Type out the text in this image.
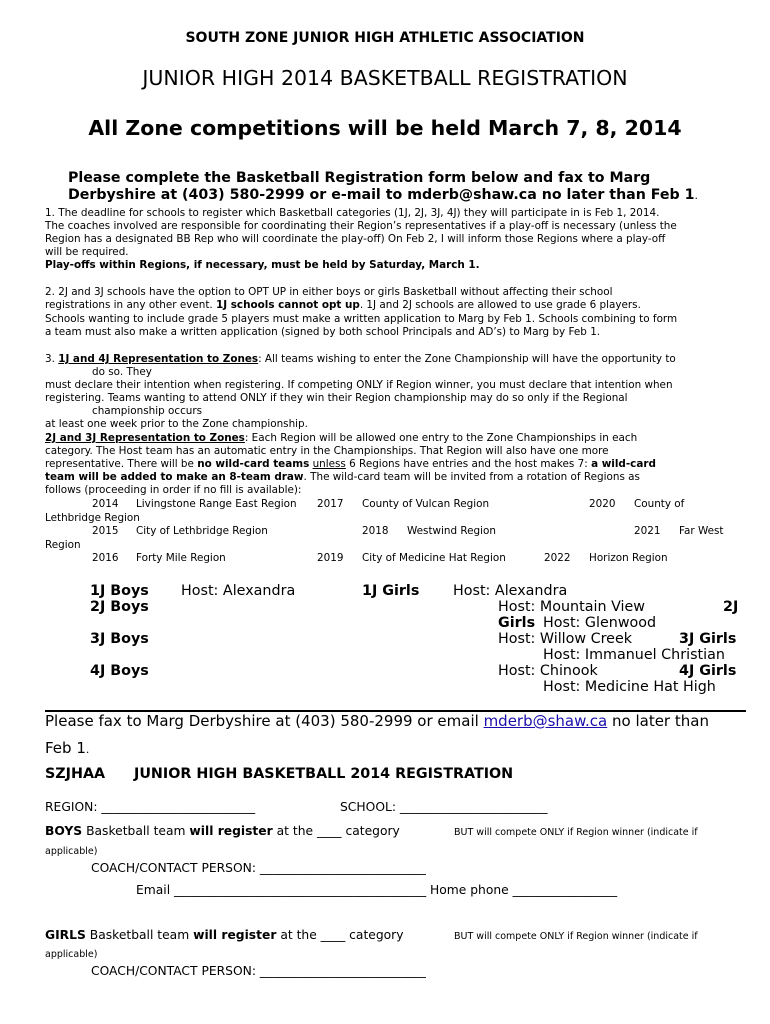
SOUTH ZONE JUNIOR HIGH ATHLETIC ASSOCIATION
JUNIOR HIGH 2014 BASKETBALL REGISTRATION
All Zone competitions will be held March 7, 8, 2014
Please complete the Basketball Registration form below and fax to Marg
Derbyshire at (403) 580-2999 or e-mail to mderb@shaw.ca no later than Feb 1.
1. The deadline for schools to register which Basketball categories (1J, 2J, 3J, 4J) they will participate in is Feb 1, 2014.
The coaches involved are responsible for coordinating their Region’s representatives if a play-off is necessary (unless the
Region has a designated BB Rep who will coordinate the play-off) On Feb 2, I will inform those Regions where a play-off
will be required.
Play-offs within Regions, if necessary, must be held by Saturday, March 1.
2. 2J and 3J schools have the option to OPT UP in either boys or girls Basketball without affecting their school
registrations in any other event. 1J schools cannot opt up. 1J and 2J schools are allowed to use grade 6 players.
Schools wanting to include grade 5 players must make a written application to Marg by Feb 1. Schools combining to form
a team must also make a written application (signed by both school Principals and AD’s) to Marg by Feb 1.
3. 1J and 4J Representation to Zones: All teams wishing to enter the Zone Championship will have the opportunity to
do so. They
must declare their intention when registering. If competing ONLY if Region winner, you must declare that intention when
registering. Teams wanting to attend ONLY if they win their Region championship may do so only if the Regional
championship occurs
at least one week prior to the Zone championship.
2J and 3J Representation to Zones: Each Region will be allowed one entry to the Zone Championships in each
category. The Host team has an automatic entry in the Championships. That Region will also have one more
representative. There will be no wild-card teams unless 6 Regions have entries and the host makes 7: a wild-card
team will be added to make an 8-team draw. The wild-card team will be invited from a rotation of Regions as
follows (proceeding in order if no fill is available):
2014 Livingstone Range East Region 2017 County of Vulcan Region	2020 County of
Lethbridge Region
2015 City of Lethbridge Region	2018 Westwind Region	2021 Far West
Region
2016 Forty Mile Region	2019 City of Medicine Hat Region	2022 Horizon Region
1J Boys Host: Alexandra	1J Girls Host: Alexandra
2J Boys	Host: Mountain View	2J
Girls Host: Glenwood
3J Boys	Host: Willow Creek	3J Girls
Host: Immanuel Christian
4J Boys	Host: Chinook	4J Girls
Host: Medicine Hat High
Please fax to Marg Derbyshire at (403) 580-2999 or email mderb@shaw.ca no later than
Feb 1.
SZJHAA JUNIOR HIGH BASKETBALL 2014 REGISTRATION
REGION: _________________________	SCHOOL: ________________________
BOYS Basketball team will register at the ____ category	BUT will compete ONLY if Region winner (indicate if
applicable)
COACH/CONTACT PERSON: ___________________________
Email _________________________________________ Home phone _________________
GIRLS Basketball team will register at the ____ category	BUT will compete ONLY if Region winner (indicate if
applicable)
COACH/CONTACT PERSON: ___________________________
